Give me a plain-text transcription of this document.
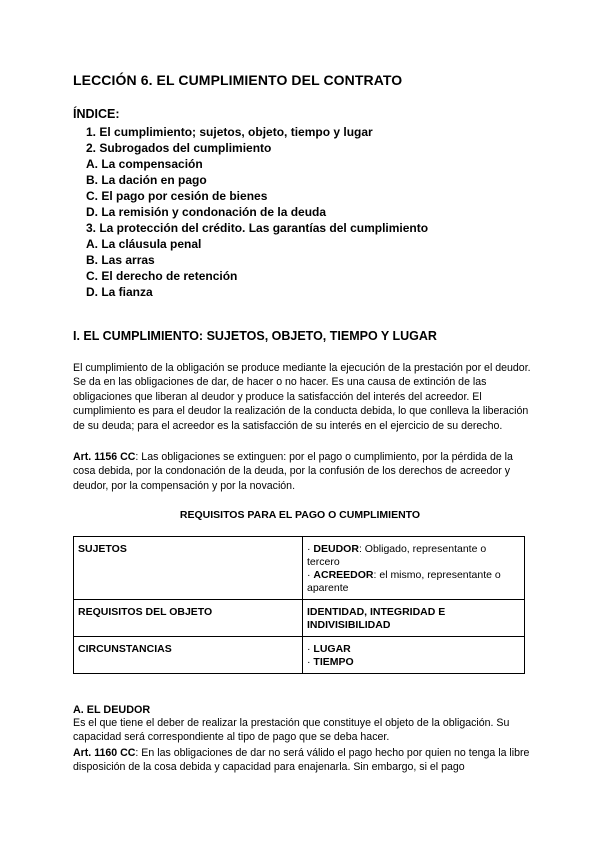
LECCIÓN 6. EL CUMPLIMIENTO DEL CONTRATO
ÍNDICE:
1. El cumplimiento; sujetos, objeto, tiempo y lugar
2. Subrogados del cumplimiento
A. La compensación
B. La dación en pago
C. El pago por cesión de bienes
D. La remisión y condonación de la deuda
3. La protección del crédito. Las garantías del cumplimiento
A. La cláusula penal
B. Las arras
C. El derecho de retención
D. La fianza
I. EL CUMPLIMIENTO: SUJETOS, OBJETO, TIEMPO Y LUGAR

El cumplimiento de la obligación se produce mediante la ejecución de la prestación por el deudor. Se da en las obligaciones de dar, de hacer o no hacer. Es una causa de extinción de las obligaciones que liberan al deudor y produce la satisfacción del interés del acreedor. El cumplimiento es para el deudor la realización de la conducta debida, lo que conlleva la liberación de su deuda; para el acreedor es la satisfacción de su interés en el ejercicio de su derecho.

Art. 1156 CC: Las obligaciones se extinguen: por el pago o cumplimiento, por la pérdida de la cosa debida, por la condonación de la deuda, por la confusión de los derechos de acreedor y deudor, por la compensación y por la novación.

REQUISITOS PARA EL PAGO O CUMPLIMIENTO
SUJETOS	· DEUDOR: Obligado, representante o tercero
· ACREEDOR: el mismo, representante o aparente

REQUISITOS DEL OBJETO	IDENTIDAD, INTEGRIDAD E INDIVISIBILIDAD
CIRCUNSTANCIAS	· LUGAR
· TIEMPO
A. EL DEUDOR

Es el que tiene el deber de realizar la prestación que constituye el objeto de la obligación. Su capacidad será correspondiente al tipo de pago que se deba hacer.

Art. 1160 CC: En las obligaciones de dar no será válido el pago hecho por quien no tenga la libre disposición de la cosa debida y capacidad para enajenarla. Sin embargo, si el pago
